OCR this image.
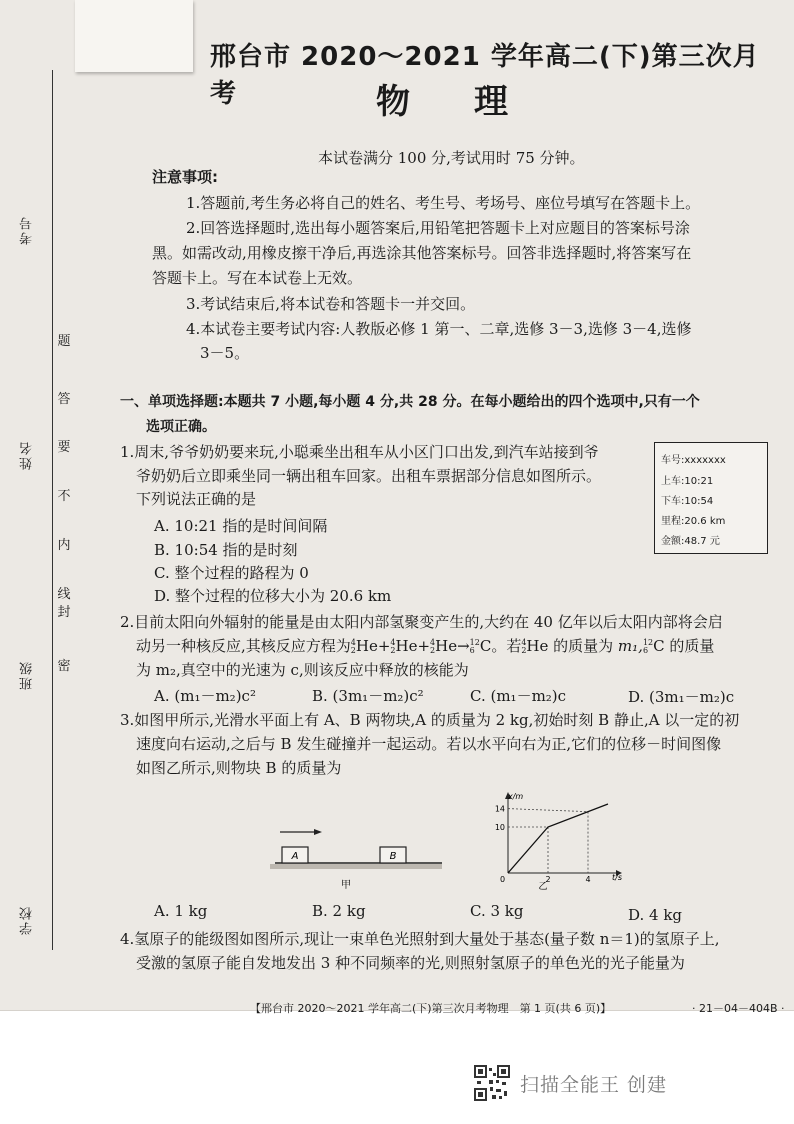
考号
姓名
班级
学校
密
封
线
内
不
要
答
题
邢台市 2020～2021 学年高二(下)第三次月考	物理
本试卷满分 100 分,考试用时 75 分钟。
注意事项:
1.答题前,考生务必将自己的姓名、考生号、考场号、座位号填写在答题卡上。
2.回答选择题时,选出每小题答案后,用铅笔把答题卡上对应题目的答案标号涂
黑。如需改动,用橡皮擦干净后,再选涂其他答案标号。回答非选择题时,将答案写在
答题卡上。写在本试卷上无效。
3.考试结束后,将本试卷和答题卡一并交回。
4.本试卷主要考试内容:人教版必修 1 第一、二章,选修 3－3,选修 3－4,选修
3－5。
一、单项选择题:本题共 7 小题,每小题 4 分,共 28 分。在每小题给出的四个选项中,只有一个
选项正确。
1.周末,爷爷奶奶要来玩,小聪乘坐出租车从小区门口出发,到汽车站接到爷
爷奶奶后立即乘坐同一辆出租车回家。出租车票据部分信息如图所示。
下列说法正确的是
A. 10:21 指的是时间间隔
B. 10:54 指的是时刻
C. 整个过程的路程为 0
D. 整个过程的位移大小为 20.6 km
车号:xxxxxxx
上车:10:21
下车:10:54
里程:20.6 km
金额:48.7 元
2.目前太阳向外辐射的能量是由太阳内部氢聚变产生的,大约在 40 亿年以后太阳内部将会启
动另一种核反应,其核反应方程为4
2He+4
2He+4
2He→12
6 C。若4
2He 的质量为 m₁,12
6 C 的质量
为 m₂,真空中的光速为 c,则该反应中释放的核能为
A. (m₁－m₂)c²	B. (3m₁－m₂)c²	C. (m₁－m₂)c	D. (3m₁－m₂)c
3.如图甲所示,光滑水平面上有 A、B 两物块,A 的质量为 2 kg,初始时刻 B 静止,A 以一定的初
速度向右运动,之后与 B 发生碰撞并一起运动。若以水平向右为正,它们的位移－时间图像
如图乙所示,则物块 B 的质量为
A	B
甲
0	2	4
10
14
x/m
t/s
乙
A. 1 kg	B. 2 kg	C. 3 kg	D. 4 kg
4.氢原子的能级图如图所示,现让一束单色光照射到大量处于基态(量子数 n＝1)的氢原子上,
受激的氢原子能自发地发出 3 种不同频率的光,则照射氢原子的单色光的光子能量为
【邢台市 2020～2021 学年高二(下)第三次月考物理　第 1 页(共 6 页)】	· 21－04－404B ·
扫描全能王 创建
